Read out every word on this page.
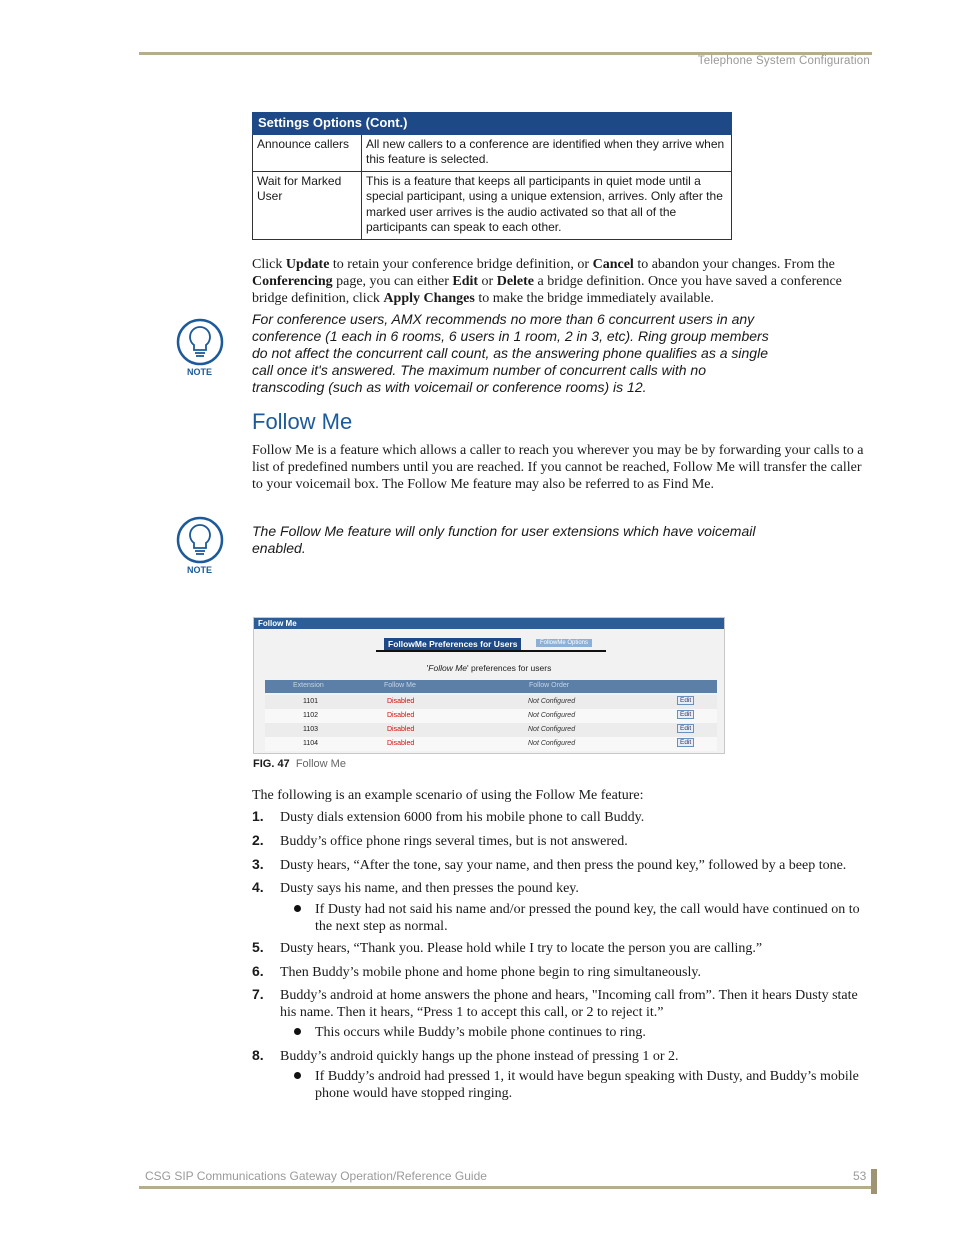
Telephone System Configuration
Settings Options (Cont.)	
Announce callers	All new callers to a conference are identified when they arrive when this feature is selected.
Wait for Marked User	This is a feature that keeps all participants in quiet mode until a special participant, using a unique extension, arrives. Only after the marked user arrives is the audio activated so that all of the participants can speak to each other.
Click Update to retain your conference bridge definition, or Cancel to abandon your changes. From the Conferencing page, you can either Edit or Delete a bridge definition. Once you have saved a conference bridge definition, click Apply Changes to make the bridge immediately available.
NOTE
For conference users, AMX recommends no more than 6 concurrent users in any conference (1 each in 6 rooms, 6 users in 1 room, 2 in 3, etc). Ring group members do not affect the concurrent call count, as the answering phone qualifies as a single call once it's answered. The maximum number of concurrent calls with no transcoding (such as with voicemail or conference rooms) is 12.
Follow Me
Follow Me is a feature which allows a caller to reach you wherever you may be by forwarding your calls to a list of predefined numbers until you are reached. If you cannot be reached, Follow Me will transfer the caller to your voicemail box. The Follow Me feature may also be referred to as Find Me.
NOTE
The Follow Me feature will only function for user extensions which have voicemail enabled.
Follow Me
FollowMe Preferences for Users	FollowMe Options
'Follow Me' preferences for users
Extension	Follow Me	Follow Order
1101	Disabled	Not Configured	Edit
1102	Disabled	Not Configured	Edit
1103	Disabled	Not Configured	Edit
1104	Disabled	Not Configured	Edit
FIG. 47 Follow Me
The following is an example scenario of using the Follow Me feature:
1. Dusty dials extension 6000 from his mobile phone to call Buddy.
2. Buddy’s office phone rings several times, but is not answered.
3. Dusty hears, “After the tone, say your name, and then press the pound key,” followed by a beep tone.
4. Dusty says his name, and then presses the pound key.
If Dusty had not said his name and/or pressed the pound key, the call would have continued on to the next step as normal.
5. Dusty hears, “Thank you. Please hold while I try to locate the person you are calling.”
6. Then Buddy’s mobile phone and home phone begin to ring simultaneously.
7. Buddy’s android at home answers the phone and hears, "Incoming call from”. Then it hears Dusty state his name. Then it hears, “Press 1 to accept this call, or 2 to reject it.”
This occurs while Buddy’s mobile phone continues to ring.
8. Buddy’s android quickly hangs up the phone instead of pressing 1 or 2.
If Buddy’s android had pressed 1, it would have begun speaking with Dusty, and Buddy’s mobile phone would have stopped ringing.
CSG SIP Communications Gateway Operation/Reference Guide	53
